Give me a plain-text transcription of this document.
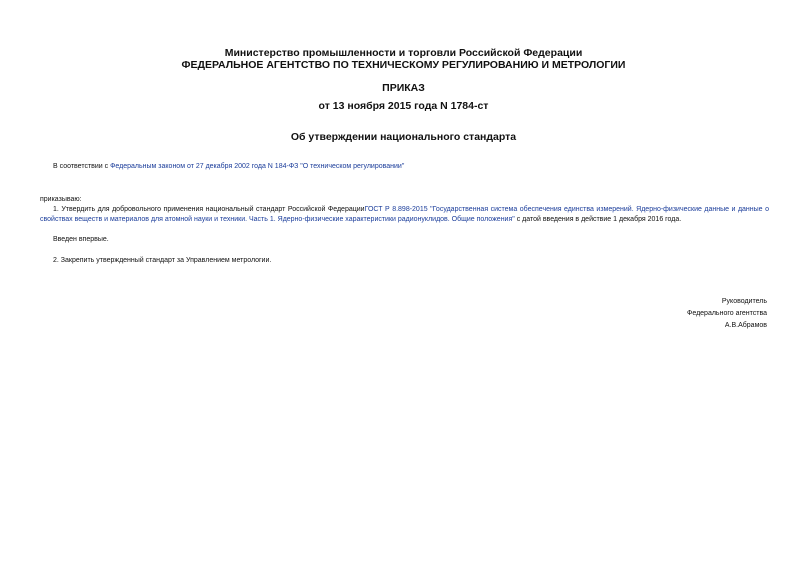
Министерство промышленности и торговли Российской Федерации
ФЕДЕРАЛЬНОЕ АГЕНТСТВО ПО ТЕХНИЧЕСКОМУ РЕГУЛИРОВАНИЮ И МЕТРОЛОГИИ
ПРИКАЗ
от 13 ноября 2015 года N 1784-ст
Об утверждении национального стандарта
В соответствии с Федеральным законом от 27 декабря 2002 года N 184-ФЗ "О техническом регулировании"
приказываю:
1. Утвердить для добровольного применения национальный стандарт Российской ФедерацииГОСТ Р 8.898-2015 "Государственная система обеспечения единства измерений. Ядерно-физические данные и данные о свойствах веществ и материалов для атомной науки и техники. Часть 1. Ядерно-физические характеристики радионуклидов. Общие положения" с датой введения в действие 1 декабря 2016 года.
Введен впервые.
2. Закрепить утвержденный стандарт за Управлением метрологии.
Руководитель
Федерального агентства
А.В.Абрамов
